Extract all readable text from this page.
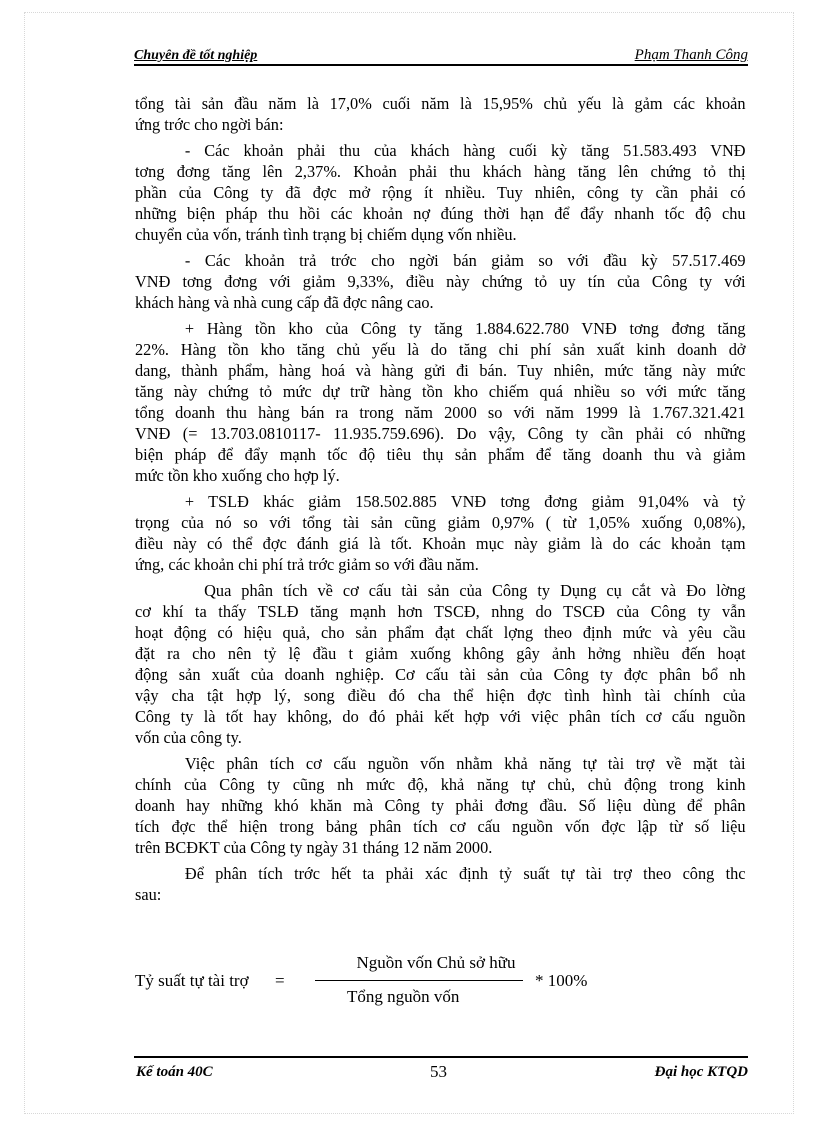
Chuyên đề tốt nghiệp	Phạm Thanh Công
tổng tài sản đầu năm là 17,0% cuối năm là 15,95% chủ yếu là gảm các khoản
ứng trớc cho ngời bán:
- Các khoản phải thu của khách hàng cuối kỳ tăng 51.583.493 VNĐ
tơng đơng tăng lên 2,37%. Khoản phải thu khách hàng tăng lên chứng tỏ thị
phần của Công ty đã đợc mở rộng ít nhiều. Tuy nhiên, công ty cần phải có
những biện pháp thu hồi các khoản nợ đúng thời hạn để đẩy nhanh tốc độ chu
chuyển của vốn, tránh tình trạng bị chiếm dụng vốn nhiều.
- Các khoản trả trớc cho ngời bán giảm so với đầu kỳ 57.517.469
VNĐ tơng đơng với giảm 9,33%, điều này chứng tỏ uy tín của Công ty với
khách hàng và nhà cung cấp đã đợc nâng cao.
+ Hàng tồn kho của Công ty tăng 1.884.622.780 VNĐ tơng đơng tăng
22%. Hàng tồn kho tăng chủ yếu là do tăng chi phí sản xuất kinh doanh dở
dang, thành phẩm, hàng hoá và hàng gửi đi bán. Tuy nhiên, mức tăng này mức
tăng này chứng tỏ mức dự trữ hàng tồn kho chiếm quá nhiều so với mức tăng
tổng doanh thu hàng bán ra trong năm 2000 so với năm 1999 là 1.767.321.421
VNĐ (= 13.703.0810117- 11.935.759.696). Do vậy, Công ty cần phải có những
biện pháp để đẩy mạnh tốc độ tiêu thụ sản phẩm để tăng doanh thu và giảm
mức tồn kho xuống cho hợp lý.
+ TSLĐ khác giảm 158.502.885 VNĐ tơng đơng giảm 91,04% và tỷ
trọng của nó so với tổng tài sản cũng giảm 0,97% ( từ 1,05% xuống 0,08%),
điều này có thể đợc đánh giá là tốt. Khoản mục này giảm là do các khoản tạm
ứng, các khoản chi phí trả trớc giảm so với đầu năm.
Qua phân tích về cơ cấu tài sản của Công ty Dụng cụ cắt và Đo lờng
cơ khí ta thấy TSLĐ tăng mạnh hơn TSCĐ, nhng do TSCĐ của Công ty vẫn
hoạt động có hiệu quả, cho sản phẩm đạt chất lợng theo định mức và yêu cầu
đặt ra cho nên tỷ lệ đầu t giảm xuống không gây ảnh hởng nhiều đến hoạt
động sản xuất của doanh nghiệp. Cơ cấu tài sản của Công ty đợc phân bổ nh
vậy cha tật hợp lý, song điều đó cha thể hiện đợc tình hình tài chính của
Công ty là tốt hay không, do đó phải kết hợp với việc phân tích cơ cấu nguồn
vốn của công ty.
Việc phân tích cơ cấu nguồn vốn nhằm khả năng tự tài trợ về mặt tài
chính của Công ty cũng nh mức độ, khả năng tự chủ, chủ động trong kinh
doanh hay những khó khăn mà Công ty phải đơng đầu. Số liệu dùng để phân
tích đợc thể hiện trong bảng phân tích cơ cấu nguồn vốn đợc lập từ số liệu
trên BCĐKT của Công ty ngày 31 tháng 12 năm 2000.
Để phân tích trớc hết ta phải xác định tỷ suất tự tài trợ theo công thc
sau:
Tỷ suất tự tài trợ =
Nguồn vốn Chủ sở hữu
Tổng nguồn vốn
* 100%
Kế toán 40C	53	Đại học KTQD
